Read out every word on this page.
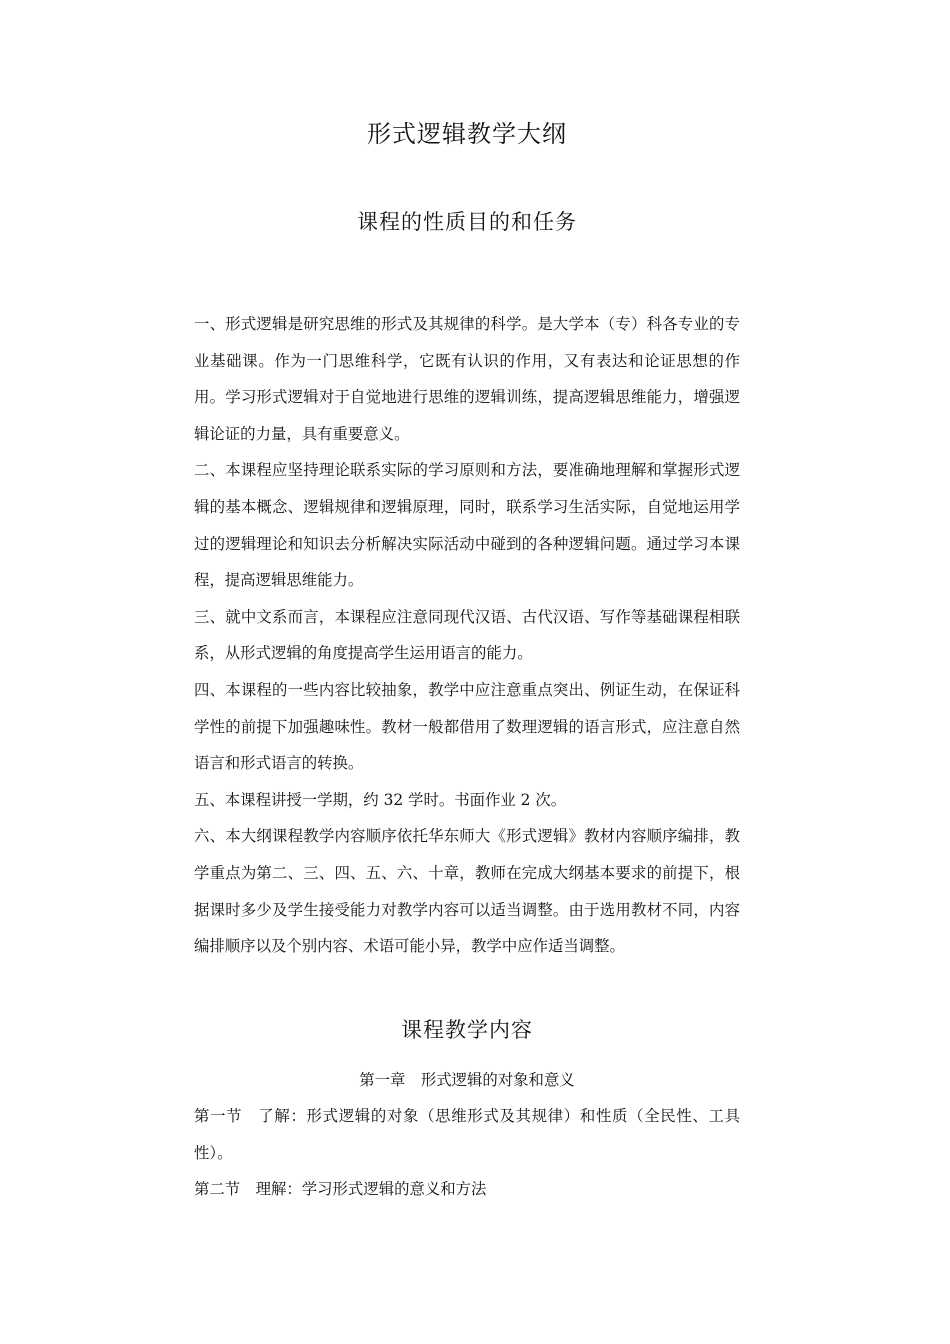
形式逻辑教学大纲
课程的性质目的和任务

一、形式逻辑是研究思维的形式及其规律的科学。是大学本（专）科各专业的专业基础课。作为一门思维科学，它既有认识的作用，又有表达和论证思想的作用。学习形式逻辑对于自觉地进行思维的逻辑训练，提高逻辑思维能力，增强逻辑论证的力量，具有重要意义。

二、本课程应坚持理论联系实际的学习原则和方法，要准确地理解和掌握形式逻辑的基本概念、逻辑规律和逻辑原理，同时，联系学习生活实际，自觉地运用学过的逻辑理论和知识去分析解决实际活动中碰到的各种逻辑问题。通过学习本课程，提高逻辑思维能力。

三、就中文系而言，本课程应注意同现代汉语、古代汉语、写作等基础课程相联系，从形式逻辑的角度提高学生运用语言的能力。

四、本课程的一些内容比较抽象，教学中应注意重点突出、例证生动，在保证科学性的前提下加强趣味性。教材一般都借用了数理逻辑的语言形式，应注意自然语言和形式语言的转换。

五、本课程讲授一学期，约 32 学时。书面作业 2 次。

六、本大纲课程教学内容顺序依托华东师大《形式逻辑》教材内容顺序编排，教学重点为第二、三、四、五、六、十章，教师在完成大纲基本要求的前提下，根据课时多少及学生接受能力对教学内容可以适当调整。由于选用教材不同，内容编排顺序以及个别内容、术语可能小异，教学中应作适当调整。

课程教学内容
第一章　形式逻辑的对象和意义

第一节　了解：形式逻辑的对象（思维形式及其规律）和性质（全民性、工具性）。

第二节　理解：学习形式逻辑的意义和方法
